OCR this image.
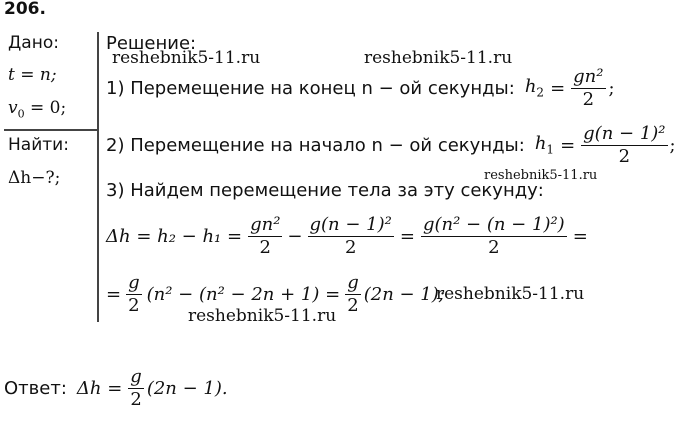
206.
Дано:
t = n;
$v_0 = 0$;
Найти:
Δh−?;
Решение:
1) Перемещение на конец n − ой секунды: $h_2 = \frac{\text{gn²}}{2}$ ;
2) Перемещение на начало n − ой секунды: $h_1 = \frac{\text{g(n − 1)²}}{2}$ ;
3) Найдем перемещение тела за эту секунду:
$\Delta h = h_2 - h_1 = \frac{\text{gn²}}{2} - \frac{\text{g(n − 1)²}}{2} = \frac{\text{g(n² − (n − 1)²)}}{2}$ =
= $\frac{g}{2} (n^2 - (n^2 - 2n + 1) = \frac{g}{2} (2n - 1)$;
Ответ: $\Delta h = \frac{g}{2} (2n - 1)$.
reshebnik5-11.ru	reshebnik5-11.ru
reshebnik5-11.ru
reshebnik5-11.ru
reshebnik5-11.ru
